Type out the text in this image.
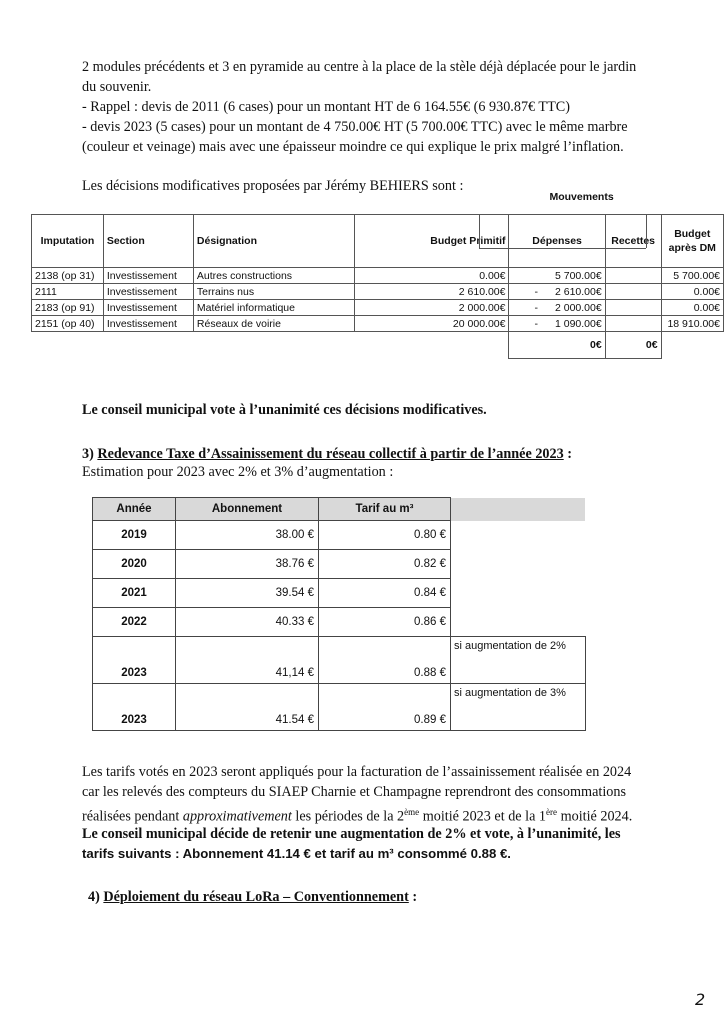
2 modules précédents et 3 en pyramide au centre à la place de la stèle déjà déplacée pour le jardin

du souvenir.

- Rappel : devis de 2011 (6 cases) pour un montant HT de 6 164.55€ (6 930.87€ TTC)

- devis 2023 (5 cases) pour un montant de 4 750.00€ HT (5 700.00€ TTC) avec le même marbre

(couleur et veinage) mais avec une épaisseur moindre ce qui explique le prix malgré l’inflation.

Les décisions modificatives proposées par Jérémy BEHIERS sont :

Imputation	Section	Désignation	Budget Primitif	Mouvements
Dépenses	Recettes	Budget après DM
2138 (op 31)	Investissement	Autres constructions	0.00€	5 700.00€		5 700.00€
2111	Investissement	Terrains nus	2 610.00€	- 2 610.00€		0.00€
2183 (op 91)	Investissement	Matériel informatique	2 000.00€	- 2 000.00€		0.00€
2151 (op 40)	Investissement	Réseaux de voirie	20 000.00€	- 1 090.00€		18 910.00€
				0€	0€	

Le conseil municipal vote à l’unanimité ces décisions modificatives.

3) Redevance Taxe d’Assainissement du réseau collectif à partir de l’année 2023 :

Estimation pour 2023 avec 2% et 3% d’augmentation :

Année	Abonnement	Tarif au m³	
2019	38.00 €	0.80 €	
2020	38.76 €	0.82 €	
2021	39.54 €	0.84 €	
2022	40.33 €	0.86 €	
2023	41,14 €	0.88 €	si augmentation de 2%
2023	41.54 €	0.89 €	si augmentation de 3%

Les tarifs votés en 2023 seront appliqués pour la facturation de l’assainissement réalisée en 2024

car les relevés des compteurs du SIAEP Charnie et Champagne reprendront des consommations

réalisées pendant approximativement les périodes de la 2ème moitié 2023 et de la 1ère moitié 2024.

Le conseil municipal décide de retenir une augmentation de 2% et vote, à l’unanimité, les

tarifs suivants : Abonnement 41.14 € et tarif au m³ consommé 0.88 €.

4) Déploiement du réseau LoRa – Conventionnement :
2
